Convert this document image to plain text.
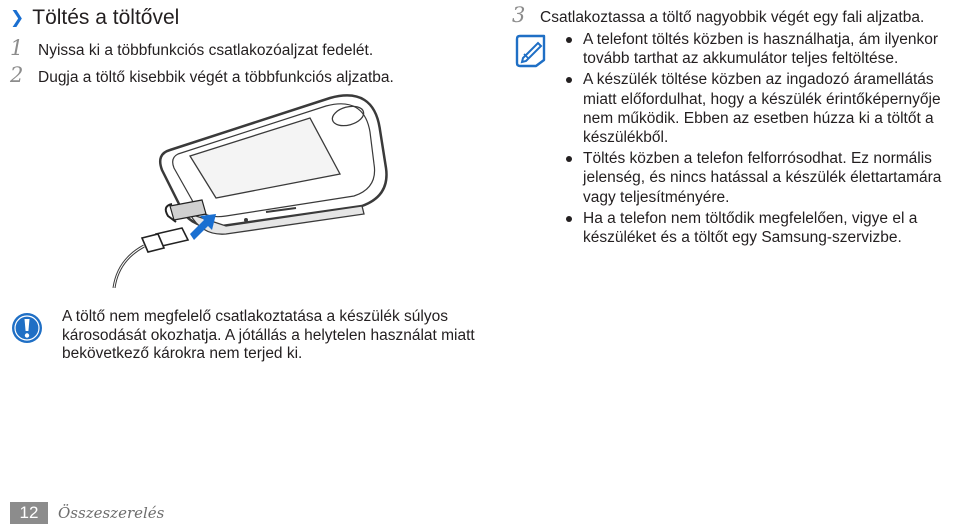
❯ Töltés a töltővel
1 Nyissa ki a többfunkciós csatlakozóaljzat fedelét.
2 Dugja a töltő kisebbik végét a többfunkciós aljzatba.
3 Csatlakoztassa a töltő nagyobbik végét egy fali aljzatba.
A telefont töltés közben is használhatja, ám ilyenkor tovább tarthat az akkumulátor teljes feltöltése.
A készülék töltése közben az ingadozó áramellátás miatt előfordulhat, hogy a készülék érintőképernyője nem működik. Ebben az esetben húzza ki a töltőt a készülékből.
Töltés közben a telefon felforrósodhat. Ez normális jelenség, és nincs hatással a készülék élettartamára vagy teljesítményére.
Ha a telefon nem töltődik megfelelően, vigye el a készüléket és a töltőt egy Samsung-szervizbe.
A töltő nem megfelelő csatlakoztatása a készülék súlyos károsodását okozhatja. A jótállás a helytelen használat miatt bekövetkező károkra nem terjed ki.
12	Összeszerelés
